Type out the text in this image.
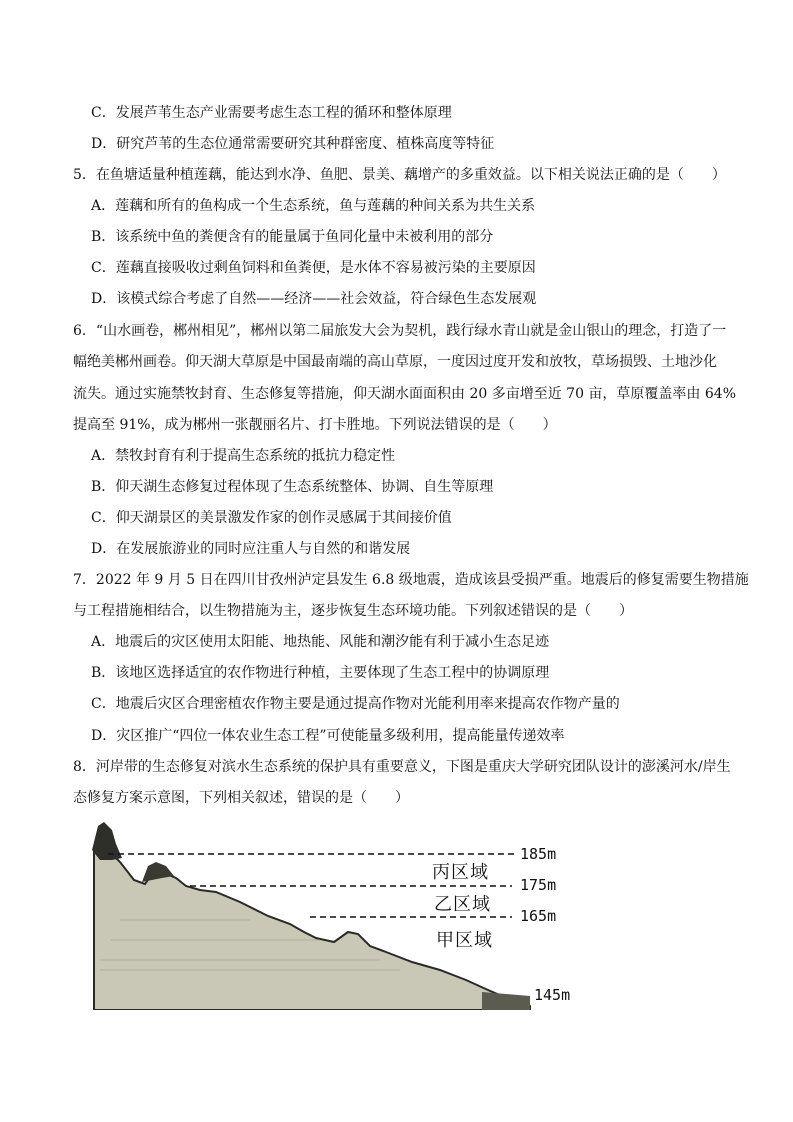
C．发展芦苇生态产业需要考虑生态工程的循环和整体原理
D．研究芦苇的生态位通常需要研究其种群密度、植株高度等特征
5．在鱼塘适量种植莲藕，能达到水净、鱼肥、景美、藕增产的多重效益。以下相关说法正确的是（　　）
A．莲藕和所有的鱼构成一个生态系统，鱼与莲藕的种间关系为共生关系
B．该系统中鱼的粪便含有的能量属于鱼同化量中未被利用的部分
C．莲藕直接吸收过剩鱼饲料和鱼粪便，是水体不容易被污染的主要原因
D．该模式综合考虑了自然——经济——社会效益，符合绿色生态发展观
6．“山水画卷，郴州相见”，郴州以第二届旅发大会为契机，践行绿水青山就是金山银山的理念，打造了一
幅绝美郴州画卷。仰天湖大草原是中国最南端的高山草原，一度因过度开发和放牧，草场损毁、土地沙化
流失。通过实施禁牧封育、生态修复等措施，仰天湖水面面积由 20 多亩增至近 70 亩，草原覆盖率由 64%
提高至 91%，成为郴州一张靓丽名片、打卡胜地。下列说法错误的是（　　）
A．禁牧封育有利于提高生态系统的抵抗力稳定性
B．仰天湖生态修复过程体现了生态系统整体、协调、自生等原理
C．仰天湖景区的美景激发作家的创作灵感属于其间接价值
D．在发展旅游业的同时应注重人与自然的和谐发展
7．2022 年 9 月 5 日在四川甘孜州泸定县发生 6.8 级地震，造成该县受损严重。地震后的修复需要生物措施
与工程措施相结合，以生物措施为主，逐步恢复生态环境功能。下列叙述错误的是（　　）
A．地震后的灾区使用太阳能、地热能、风能和潮汐能有利于减小生态足迹
B．该地区选择适宜的农作物进行种植，主要体现了生态工程中的协调原理
C．地震后灾区合理密植农作物主要是通过提高作物对光能利用率来提高农作物产量的
D．灾区推广“四位一体农业生态工程”可使能量多级利用，提高能量传递效率
8．河岸带的生态修复对滨水生态系统的保护具有重要意义，下图是重庆大学研究团队设计的澎溪河水/岸生
态修复方案示意图，下列相关叙述，错误的是（　　）
185m
175m
165m
145m
丙区域
乙区域
甲区域
